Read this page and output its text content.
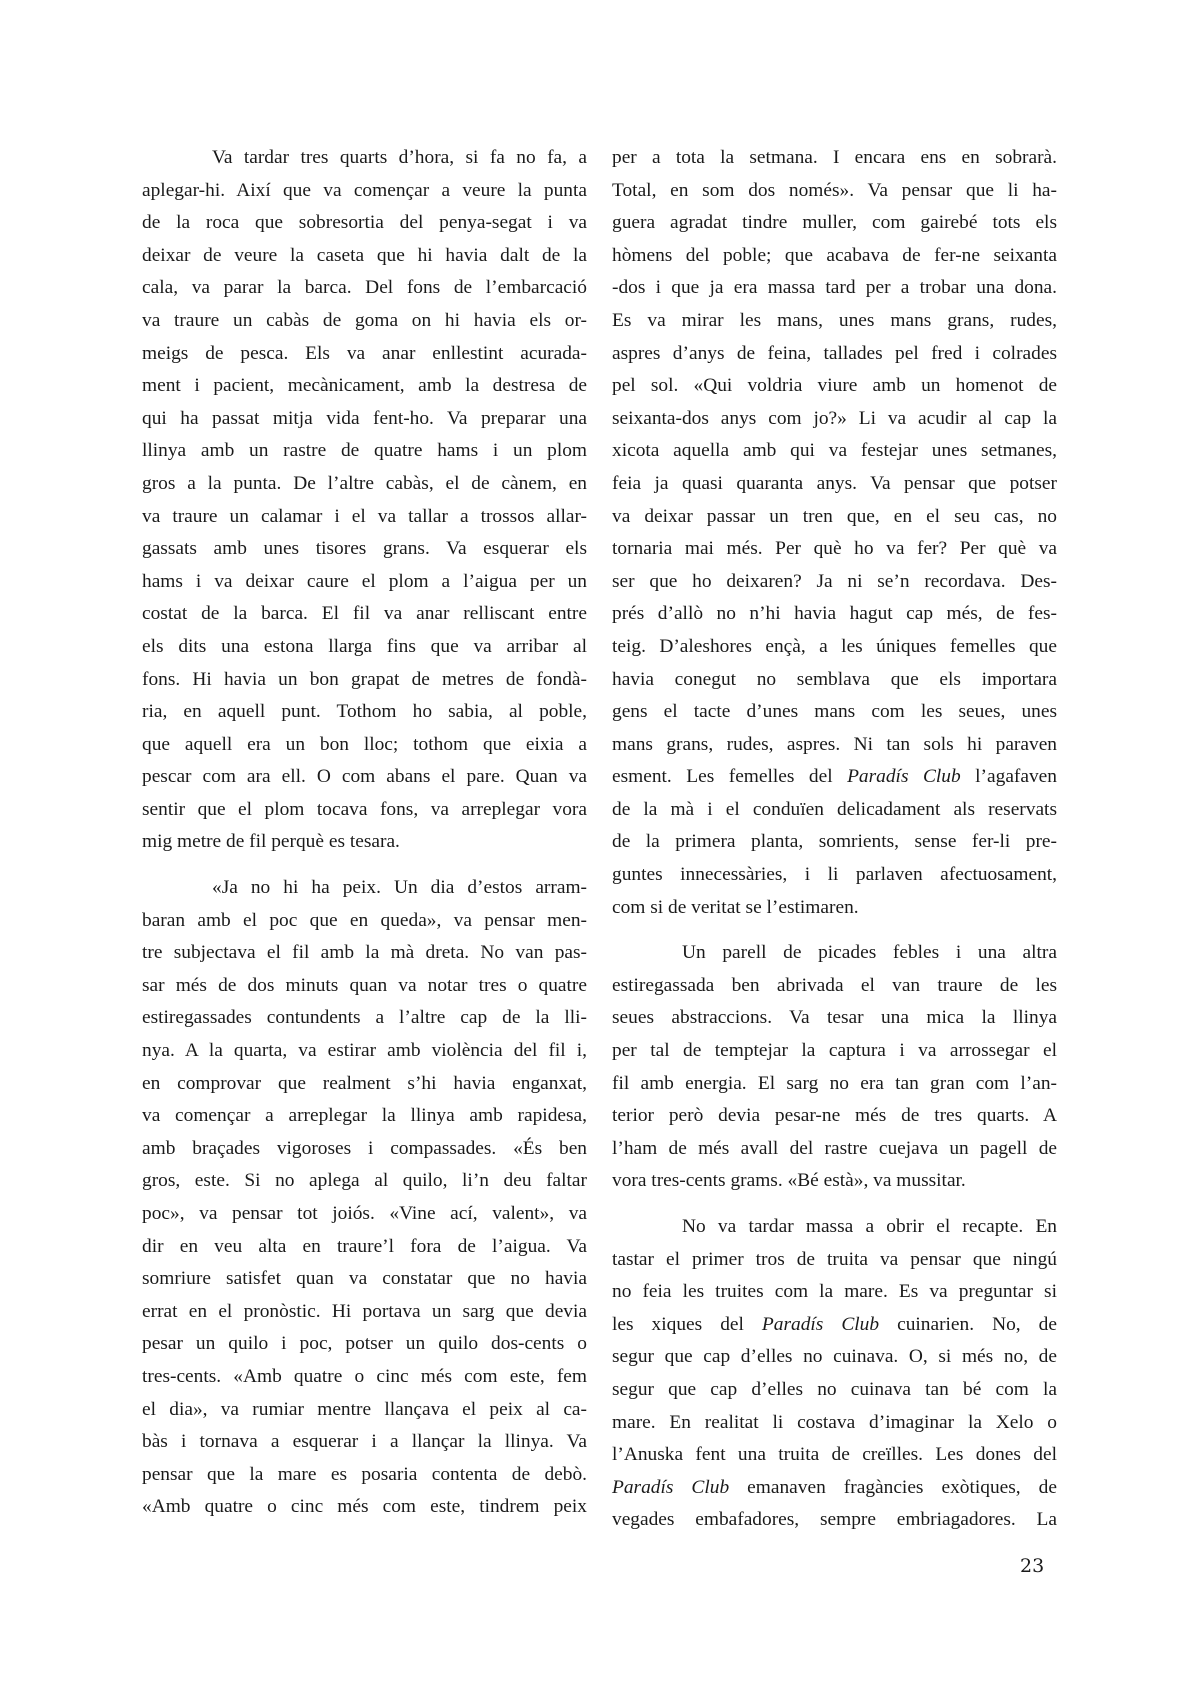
Va tardar tres quarts d’hora, si fa no fa, a
aplegar-hi. Així que va començar a veure la punta
de la roca que sobresortia del penya-segat i va
deixar de veure la caseta que hi havia dalt de la
cala, va parar la barca. Del fons de l’embarcació
va traure un cabàs de goma on hi havia els or-
meigs de pesca. Els va anar enllestint acurada-
ment i pacient, mecànicament, amb la destresa de
qui ha passat mitja vida fent-ho. Va preparar una
llinya amb un rastre de quatre hams i un plom
gros a la punta. De l’altre cabàs, el de cànem, en
va traure un calamar i el va tallar a trossos allar-
gassats amb unes tisores grans. Va esquerar els
hams i va deixar caure el plom a l’aigua per un
costat de la barca. El fil va anar relliscant entre
els dits una estona llarga fins que va arribar al
fons. Hi havia un bon grapat de metres de fondà-
ria, en aquell punt. Tothom ho sabia, al poble,
que aquell era un bon lloc; tothom que eixia a
pescar com ara ell. O com abans el pare. Quan va
sentir que el plom tocava fons, va arreplegar vora
mig metre de fil perquè es tesara.
«Ja no hi ha peix. Un dia d’estos arram-
baran amb el poc que en queda», va pensar men-
tre subjectava el fil amb la mà dreta. No van pas-
sar més de dos minuts quan va notar tres o quatre
estiregassades contundents a l’altre cap de la lli-
nya. A la quarta, va estirar amb violència del fil i,
en comprovar que realment s’hi havia enganxat,
va començar a arreplegar la llinya amb rapidesa,
amb braçades vigoroses i compassades. «És ben
gros, este. Si no aplega al quilo, li’n deu faltar
poc», va pensar tot joiós. «Vine ací, valent», va
dir en veu alta en traure’l fora de l’aigua. Va
somriure satisfet quan va constatar que no havia
errat en el pronòstic. Hi portava un sarg que devia
pesar un quilo i poc, potser un quilo dos-cents o
tres-cents. «Amb quatre o cinc més com este, fem
el dia», va rumiar mentre llançava el peix al ca-
bàs i tornava a esquerar i a llançar la llinya. Va
pensar que la mare es posaria contenta de debò.
«Amb quatre o cinc més com este, tindrem peix
per a tota la setmana. I encara ens en sobrarà.
Total, en som dos només». Va pensar que li ha-
guera agradat tindre muller, com gairebé tots els
hòmens del poble; que acabava de fer-ne seixanta
-dos i que ja era massa tard per a trobar una dona.
Es va mirar les mans, unes mans grans, rudes,
aspres d’anys de feina, tallades pel fred i colrades
pel sol. «Qui voldria viure amb un homenot de
seixanta-dos anys com jo?» Li va acudir al cap la
xicota aquella amb qui va festejar unes setmanes,
feia ja quasi quaranta anys. Va pensar que potser
va deixar passar un tren que, en el seu cas, no
tornaria mai més. Per què ho va fer? Per què va
ser que ho deixaren? Ja ni se’n recordava. Des-
prés d’allò no n’hi havia hagut cap més, de fes-
teig. D’aleshores ençà, a les úniques femelles que
havia conegut no semblava que els importara
gens el tacte d’unes mans com les seues, unes
mans grans, rudes, aspres. Ni tan sols hi paraven
esment. Les femelles del Paradís Club l’agafaven
de la mà i el conduïen delicadament als reservats
de la primera planta, somrients, sense fer-li pre-
guntes innecessàries, i li parlaven afectuosament,
com si de veritat se l’estimaren.
Un parell de picades febles i una altra
estiregassada ben abrivada el van traure de les
seues abstraccions. Va tesar una mica la llinya
per tal de temptejar la captura i va arrossegar el
fil amb energia. El sarg no era tan gran com l’an-
terior però devia pesar-ne més de tres quarts. A
l’ham de més avall del rastre cuejava un pagell de
vora tres-cents grams. «Bé està», va mussitar.
No va tardar massa a obrir el recapte. En
tastar el primer tros de truita va pensar que ningú
no feia les truites com la mare. Es va preguntar si
les xiques del Paradís Club cuinarien. No, de
segur que cap d’elles no cuinava. O, si més no, de
segur que cap d’elles no cuinava tan bé com la
mare. En realitat li costava d’imaginar la Xelo o
l’Anuska fent una truita de creïlles. Les dones del
Paradís Club emanaven fragàncies exòtiques, de
vegades embafadores, sempre embriagadores. La
23
